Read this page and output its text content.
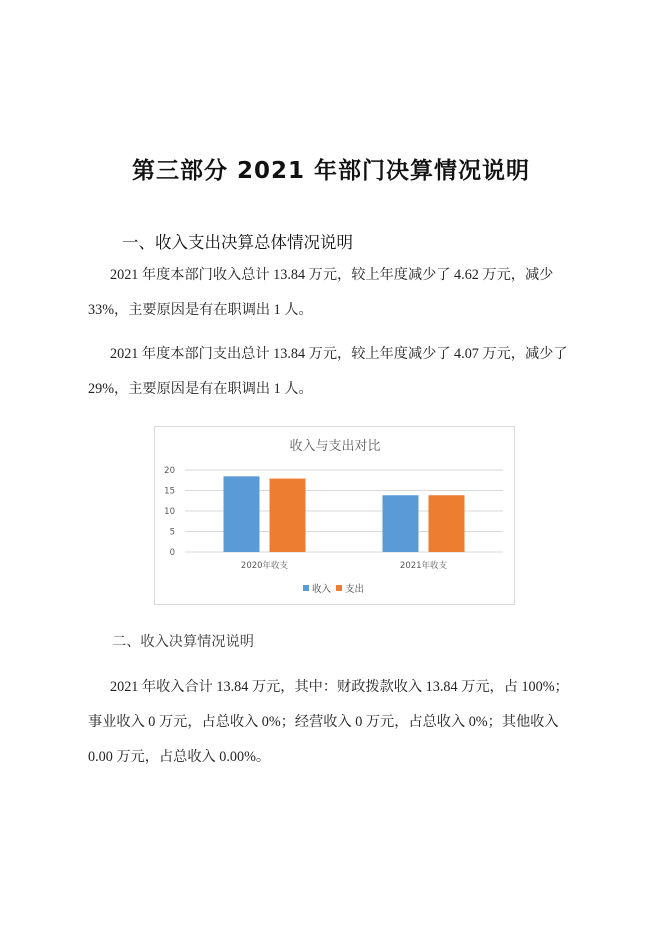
第三部分 2021 年部门决算情况说明
一、收入支出决算总体情况说明

2021 年度本部门收入总计 13.84 万元，较上年度减少了 4.62 万元，减少 33%，主要原因是有在职调出 1 人。

2021 年度本部门支出总计 13.84 万元，较上年度减少了 4.07 万元，减少了 29%，主要原因是有在职调出 1 人。

收入与支出对比
0
5
10
15
20
2020年收支	2021年收支
收入 支出
二、收入决算情况说明

2021 年收入合计 13.84 万元，其中：财政拨款收入 13.84 万元，占 100%；事业收入 0 万元，占总收入 0%；经营收入 0 万元，占总收入 0%；其他收入 0.00 万元，占总收入 0.00%。
